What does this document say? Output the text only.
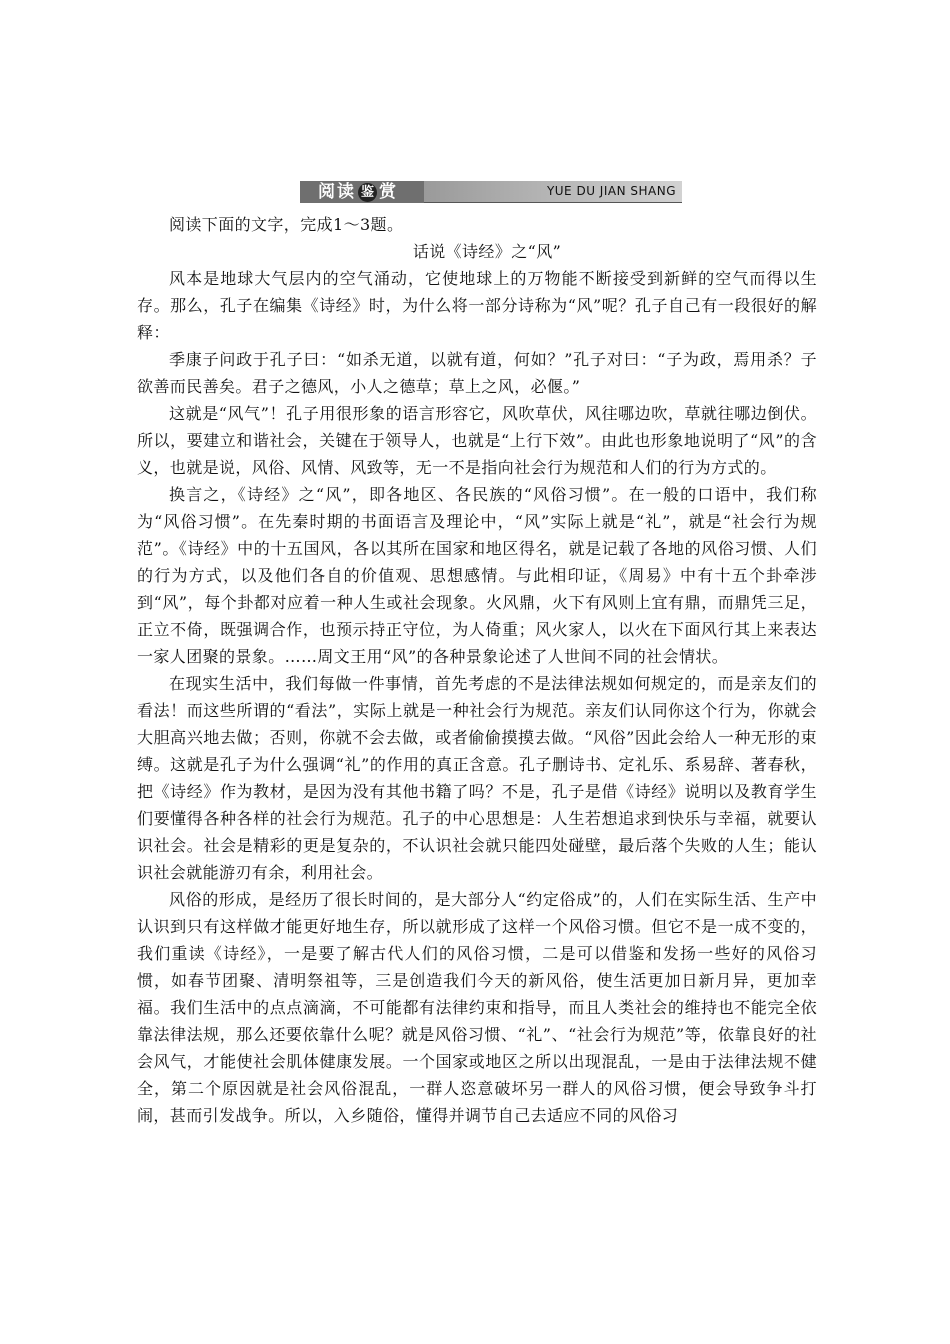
阅读 鉴 赏	YUE DU JIAN SHANG

阅读下面的文字，完成1～3题。

话说《诗经》之“风”

风本是地球大气层内的空气涌动，它使地球上的万物能不断接受到新鲜的空气而得以生存。那么，孔子在编集《诗经》时，为什么将一部分诗称为“风”呢？孔子自己有一段很好的解释：

季康子问政于孔子曰：“如杀无道，以就有道，何如？”孔子对曰：“子为政，焉用杀？子欲善而民善矣。君子之德风，小人之德草；草上之风，必偃。”

这就是“风气”！孔子用很形象的语言形容它，风吹草伏，风往哪边吹，草就往哪边倒伏。所以，要建立和谐社会，关键在于领导人，也就是“上行下效”。由此也形象地说明了“风”的含义，也就是说，风俗、风情、风致等，无一不是指向社会行为规范和人们的行为方式的。

换言之，《诗经》之“风”，即各地区、各民族的“风俗习惯”。在一般的口语中，我们称为“风俗习惯”。在先秦时期的书面语言及理论中，“风”实际上就是“礼”，就是“社会行为规范”。《诗经》中的十五国风，各以其所在国家和地区得名，就是记载了各地的风俗习惯、人们的行为方式，以及他们各自的价值观、思想感情。与此相印证，《周易》中有十五个卦牵涉到“风”，每个卦都对应着一种人生或社会现象。火风鼎，火下有风则上宜有鼎，而鼎凭三足，正立不倚，既强调合作，也预示持正守位，为人倚重；风火家人，以火在下面风行其上来表达一家人团聚的景象。……周文王用“风”的各种景象论述了人世间不同的社会情状。

在现实生活中，我们每做一件事情，首先考虑的不是法律法规如何规定的，而是亲友们的看法！而这些所谓的“看法”，实际上就是一种社会行为规范。亲友们认同你这个行为，你就会大胆高兴地去做；否则，你就不会去做，或者偷偷摸摸去做。“风俗”因此会给人一种无形的束缚。这就是孔子为什么强调“礼”的作用的真正含意。孔子删诗书、定礼乐、系易辞、著春秋，把《诗经》作为教材，是因为没有其他书籍了吗？不是，孔子是借《诗经》说明以及教育学生们要懂得各种各样的社会行为规范。孔子的中心思想是：人生若想追求到快乐与幸福，就要认识社会。社会是精彩的更是复杂的，不认识社会就只能四处碰壁，最后落个失败的人生；能认识社会就能游刃有余，利用社会。

风俗的形成，是经历了很长时间的，是大部分人“约定俗成”的，人们在实际生活、生产中认识到只有这样做才能更好地生存，所以就形成了这样一个风俗习惯。但它不是一成不变的，我们重读《诗经》，一是要了解古代人们的风俗习惯，二是可以借鉴和发扬一些好的风俗习惯，如春节团聚、清明祭祖等，三是创造我们今天的新风俗，使生活更加日新月异，更加幸福。我们生活中的点点滴滴，不可能都有法律约束和指导，而且人类社会的维持也不能完全依靠法律法规，那么还要依靠什么呢？就是风俗习惯、“礼”、“社会行为规范”等，依靠良好的社会风气，才能使社会肌体健康发展。一个国家或地区之所以出现混乱，一是由于法律法规不健全，第二个原因就是社会风俗混乱，一群人恣意破坏另一群人的风俗习惯，便会导致争斗打闹，甚而引发战争。所以，入乡随俗，懂得并调节自己去适应不同的风俗习
